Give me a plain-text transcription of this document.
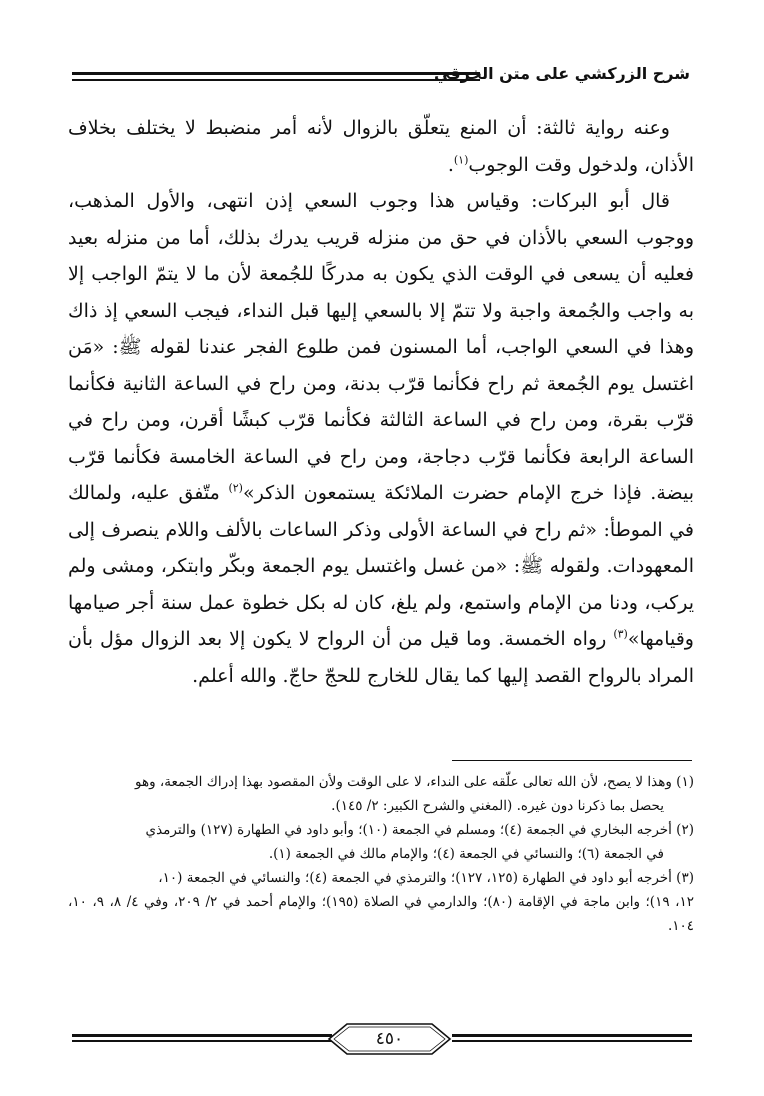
شرح الزركشي على متن الخرقي

وعنه رواية ثالثة: أن المنع يتعلّق بالزوال لأنه أمر منضبط لا يختلف بخلاف الأذان، ولدخول وقت الوجوب$^{(١)}$.

قال أبو البركات: وقياس هذا وجوب السعي إذن انتهى، والأول المذهب، ووجوب السعي بالأذان في حق من منزله قريب يدرك بذلك، أما من منزله بعيد فعليه أن يسعى في الوقت الذي يكون به مدركًا للجُمعة لأن ما لا يتمّ الواجب إلا به واجب والجُمعة واجبة ولا تتمّ إلا بالسعي إليها قبل النداء، فيجب السعي إذ ذاك وهذا في السعي الواجب، أما المسنون فمن طلوع الفجر عندنا لقوله ﷺ: «مَن اغتسل يوم الجُمعة ثم راح فكأنما قرّب بدنة، ومن راح في الساعة الثانية فكأنما قرّب بقرة، ومن راح في الساعة الثالثة فكأنما قرّب كبشًا أقرن، ومن راح في الساعة الرابعة فكأنما قرّب دجاجة، ومن راح في الساعة الخامسة فكأنما قرّب بيضة. فإذا خرج الإمام حضرت الملائكة يستمعون الذكر»$^{(٢)}$ متّفق عليه، ولمالك في الموطأ: «ثم راح في الساعة الأولى وذكر الساعات بالألف واللام ينصرف إلى المعهودات. ولقوله ﷺ: «من غسل واغتسل يوم الجمعة وبكّر وابتكر، ومشى ولم يركب، ودنا من الإمام واستمع، ولم يلغ، كان له بكل خطوة عمل سنة أجر صيامها وقيامها»$^{(٣)}$ رواه الخمسة. وما قيل من أن الرواح لا يكون إلا بعد الزوال مؤل بأن المراد بالرواح القصد إليها كما يقال للخارج للحجّ حاجّ. والله أعلم.

(١) وهذا لا يصح، لأن الله تعالى علّقه على النداء، لا على الوقت ولأن المقصود بهذا إدراك الجمعة، وهو

يحصل بما ذكرنا دون غيره. (المغني والشرح الكبير: ٢/ ١٤٥).

(٢) أخرجه البخاري في الجمعة (٤)؛ ومسلم في الجمعة (١٠)؛ وأبو داود في الطهارة (١٢٧) والترمذي

في الجمعة (٦)؛ والنسائي في الجمعة (٤)؛ والإمام مالك في الجمعة (١).

(٣) أخرجه أبو داود في الطهارة (١٢٥، ١٢٧)؛ والترمذي في الجمعة (٤)؛ والنسائي في الجمعة (١٠،

١٢، ١٩)؛ وابن ماجة في الإقامة (٨٠)؛ والدارمي في الصلاة (١٩٥)؛ والإمام أحمد في ٢/ ٢٠٩، وفي ٤/ ٨، ٩، ١٠، ١٠٤.

٤٥٠
